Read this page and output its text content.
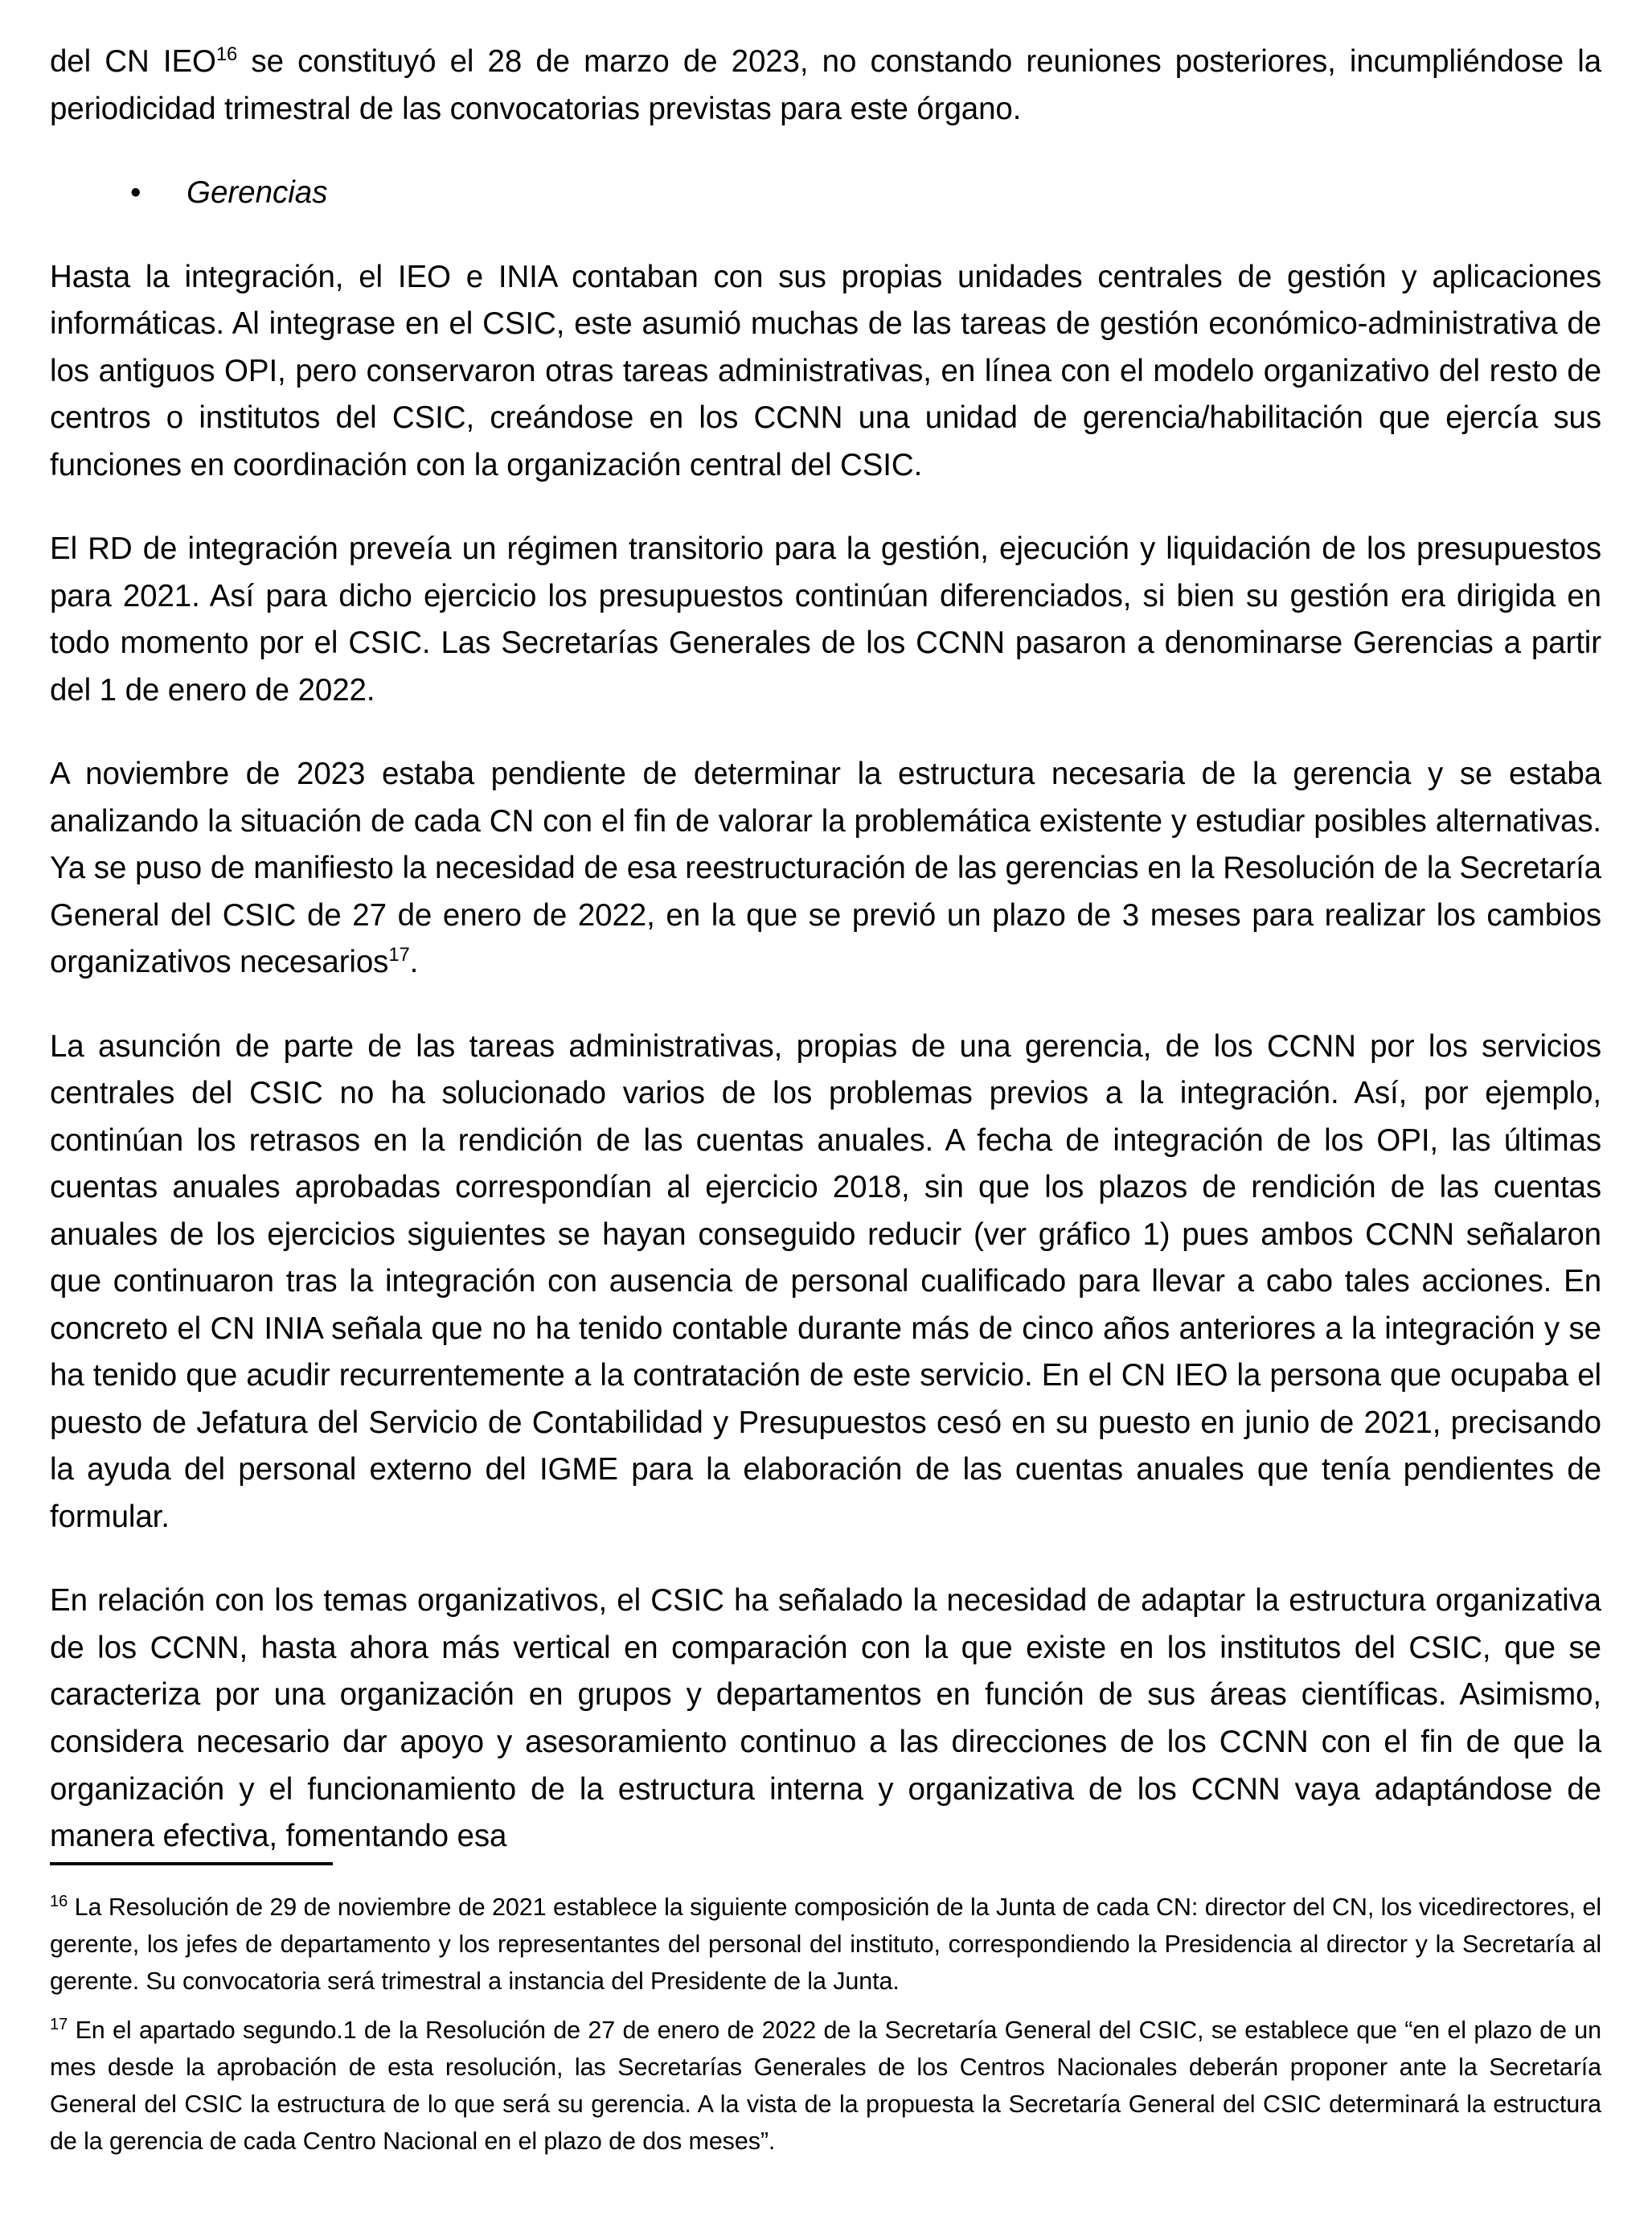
del CN IEO$^{16}$ se constituyó el 28 de marzo de 2023, no constando reuniones posteriores, incumpliéndose la periodicidad trimestral de las convocatorias previstas para este órgano.

•	Gerencias

Hasta la integración, el IEO e INIA contaban con sus propias unidades centrales de gestión y aplicaciones informáticas. Al integrase en el CSIC, este asumió muchas de las tareas de gestión económico-administrativa de los antiguos OPI, pero conservaron otras tareas administrativas, en línea con el modelo organizativo del resto de centros o institutos del CSIC, creándose en los CCNN una unidad de gerencia/habilitación que ejercía sus funciones en coordinación con la organización central del CSIC.

El RD de integración preveía un régimen transitorio para la gestión, ejecución y liquidación de los presupuestos para 2021. Así para dicho ejercicio los presupuestos continúan diferenciados, si bien su gestión era dirigida en todo momento por el CSIC. Las Secretarías Generales de los CCNN pasaron a denominarse Gerencias a partir del 1 de enero de 2022.

A noviembre de 2023 estaba pendiente de determinar la estructura necesaria de la gerencia y se estaba analizando la situación de cada CN con el fin de valorar la problemática existente y estudiar posibles alternativas. Ya se puso de manifiesto la necesidad de esa reestructuración de las gerencias en la Resolución de la Secretaría General del CSIC de 27 de enero de 2022, en la que se previó un plazo de 3 meses para realizar los cambios organizativos necesarios$^{17}$.

La asunción de parte de las tareas administrativas, propias de una gerencia, de los CCNN por los servicios centrales del CSIC no ha solucionado varios de los problemas previos a la integración. Así, por ejemplo, continúan los retrasos en la rendición de las cuentas anuales. A fecha de integración de los OPI, las últimas cuentas anuales aprobadas correspondían al ejercicio 2018, sin que los plazos de rendición de las cuentas anuales de los ejercicios siguientes se hayan conseguido reducir (ver gráfico 1) pues ambos CCNN señalaron que continuaron tras la integración con ausencia de personal cualificado para llevar a cabo tales acciones. En concreto el CN INIA señala que no ha tenido contable durante más de cinco años anteriores a la integración y se ha tenido que acudir recurrentemente a la contratación de este servicio. En el CN IEO la persona que ocupaba el puesto de Jefatura del Servicio de Contabilidad y Presupuestos cesó en su puesto en junio de 2021, precisando la ayuda del personal externo del IGME para la elaboración de las cuentas anuales que tenía pendientes de formular.

En relación con los temas organizativos, el CSIC ha señalado la necesidad de adaptar la estructura organizativa de los CCNN, hasta ahora más vertical en comparación con la que existe en los institutos del CSIC, que se caracteriza por una organización en grupos y departamentos en función de sus áreas científicas. Asimismo, considera necesario dar apoyo y asesoramiento continuo a las direcciones de los CCNN con el fin de que la organización y el funcionamiento de la estructura interna y organizativa de los CCNN vaya adaptándose de manera efectiva, fomentando esa

$^{16}$ La Resolución de 29 de noviembre de 2021 establece la siguiente composición de la Junta de cada CN: director del CN, los vicedirectores, el gerente, los jefes de departamento y los representantes del personal del instituto, correspondiendo la Presidencia al director y la Secretaría al gerente. Su convocatoria será trimestral a instancia del Presidente de la Junta.

$^{17}$ En el apartado segundo.1 de la Resolución de 27 de enero de 2022 de la Secretaría General del CSIC, se establece que “en el plazo de un mes desde la aprobación de esta resolución, las Secretarías Generales de los Centros Nacionales deberán proponer ante la Secretaría General del CSIC la estructura de lo que será su gerencia. A la vista de la propuesta la Secretaría General del CSIC determinará la estructura de la gerencia de cada Centro Nacional en el plazo de dos meses”.
